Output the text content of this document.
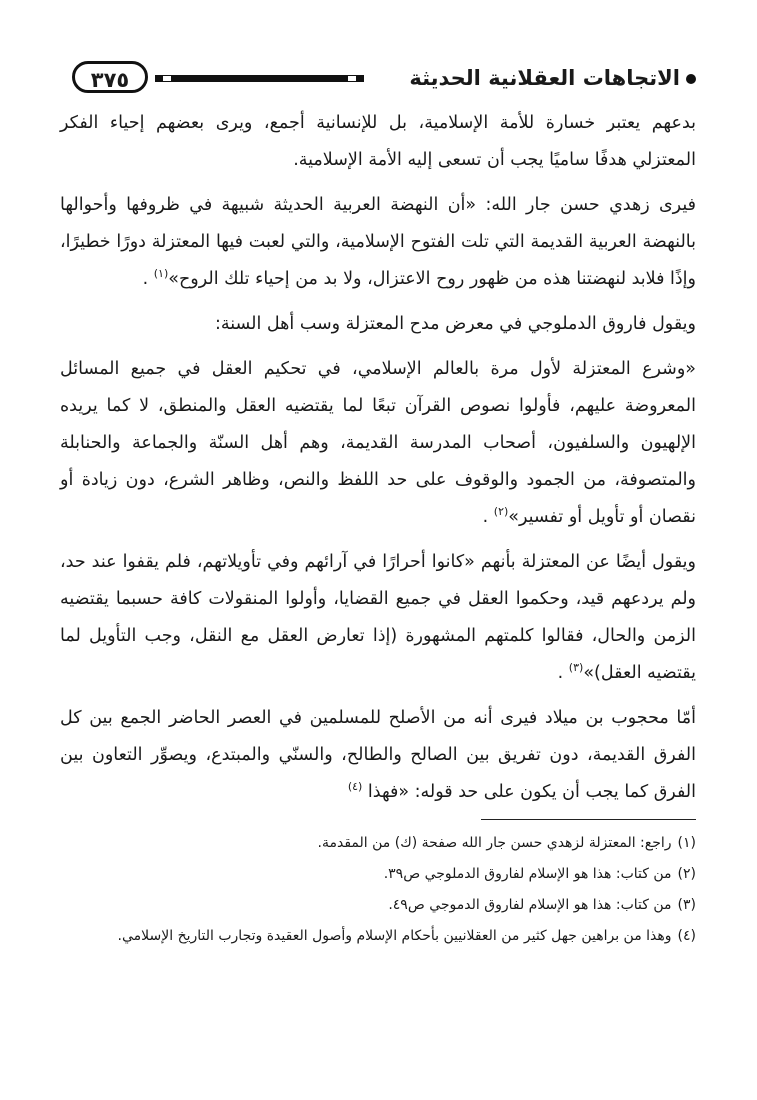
الاتجاهات العقلانية الحديثة
٣٧٥

بدعهم يعتبر خسارة للأمة الإسلامية، بل للإنسانية أجمع، ويرى بعضهم إحياء الفكر المعتزلي هدفًا ساميًا يجب أن تسعى إليه الأمة الإسلامية.

فيرى زهدي حسن جار الله: «أن النهضة العربية الحديثة شبيهة في ظروفها وأحوالها بالنهضة العربية القديمة التي تلت الفتوح الإسلامية، والتي لعبت فيها المعتزلة دورًا خطيرًا، وإذًا فلابد لنهضتنا هذه من ظهور روح الاعتزال، ولا بد من إحياء تلك الروح»$^{(١)}$ .

ويقول فاروق الدملوجي في معرض مدح المعتزلة وسب أهل السنة:

«وشرع المعتزلة لأول مرة بالعالم الإسلامي، في تحكيم العقل في جميع المسائل المعروضة عليهم، فأولوا نصوص القرآن تبعًا لما يقتضيه العقل والمنطق، لا كما يريده الإلهيون والسلفيون، أصحاب المدرسة القديمة، وهم أهل السنّة والجماعة والحنابلة والمتصوفة، من الجمود والوقوف على حد اللفظ والنص، وظاهر الشرع، دون زيادة أو نقصان أو تأويل أو تفسير»$^{(٢)}$ .

ويقول أيضًا عن المعتزلة بأنهم «كانوا أحرارًا في آرائهم وفي تأويلاتهم، فلم يقفوا عند حد، ولم يردعهم قيد، وحكموا العقل في جميع القضايا، وأولوا المنقولات كافة حسبما يقتضيه الزمن والحال، فقالوا كلمتهم المشهورة (إذا تعارض العقل مع النقل، وجب التأويل لما يقتضيه العقل)»$^{(٣)}$ .

أمّا محجوب بن ميلاد فيرى أنه من الأصلح للمسلمين في العصر الحاضر الجمع بين كل الفرق القديمة، دون تفريق بين الصالح والطالح، والسنّي والمبتدع، ويصوِّر التعاون بين الفرق كما يجب أن يكون على حد قوله: «فهذا $^{(٤)}$

(١)راجع: المعتزلة لزهدي حسن جار الله صفحة (ك) من المقدمة.

(٢)من كتاب: هذا هو الإسلام لفاروق الدملوجي ص٣٩.

(٣)من كتاب: هذا هو الإسلام لفاروق الدموجي ص٤٩.

(٤)وهذا من براهين جهل كثير من العقلانيين بأحكام الإسلام وأصول العقيدة وتجارب التاريخ الإسلامي.
